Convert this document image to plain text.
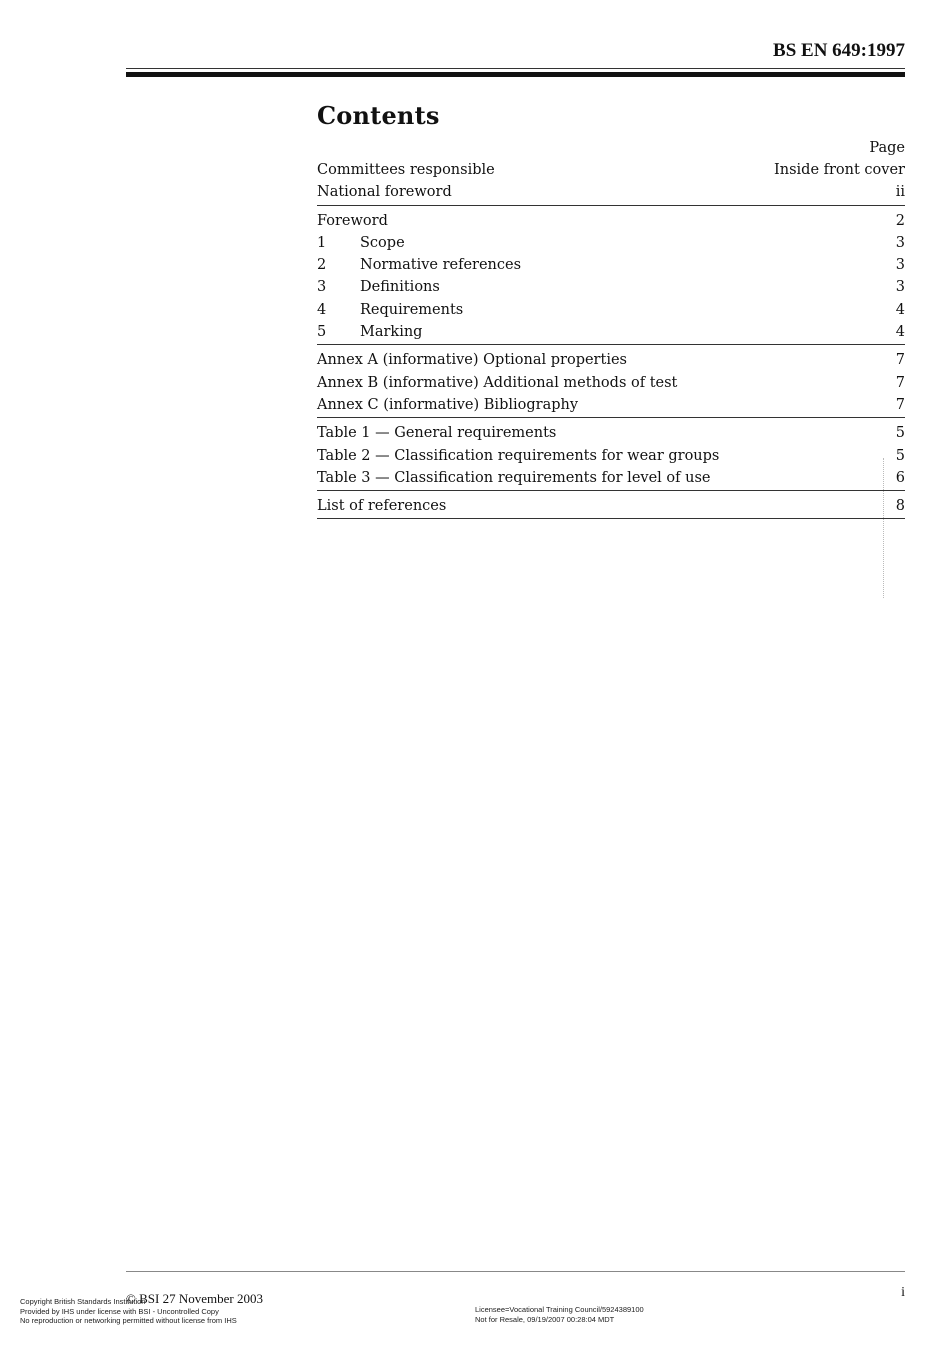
BS EN 649:1997
Contents
Page
Committees responsible	Inside front cover
National foreword	ii
Foreword	2
1	Scope	3
2	Normative references	3
3	Definitions	3
4	Requirements	4
5	Marking	4
Annex A (informative) Optional properties	7
Annex B (informative) Additional methods of test	7
Annex C (informative) Bibliography	7
Table 1 — General requirements	5
Table 2 — Classification requirements for wear groups	5
Table 3 — Classification requirements for level of use	6
List of references	8
© BSI 27 November 2003	i
Copyright British Standards Institution
Provided by IHS under license with BSI - Uncontrolled Copy
No reproduction or networking permitted without license from IHS
Licensee=Vocational Training Council/5924389100
Not for Resale, 09/19/2007 00:28:04 MDT
